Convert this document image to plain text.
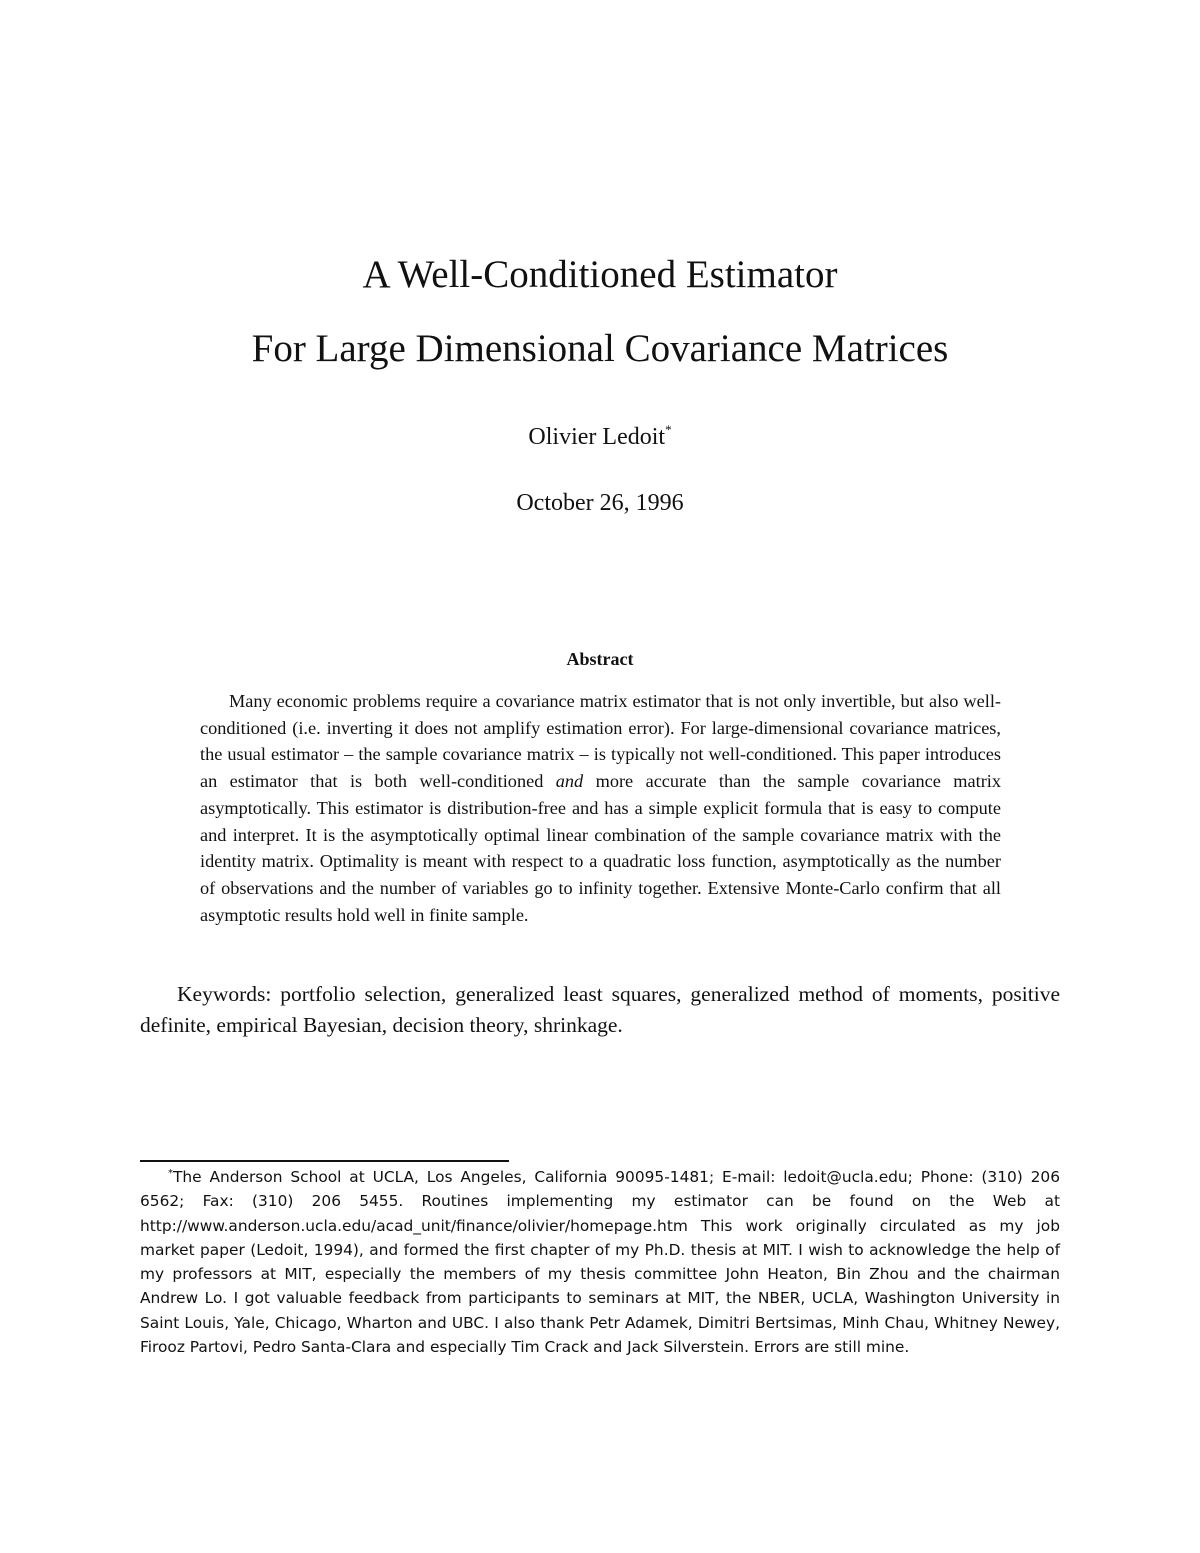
A Well-Conditioned Estimator
For Large Dimensional Covariance Matrices
Olivier Ledoit*
October 26, 1996
Abstract

Many economic problems require a covariance matrix estimator that is not only invertible, but also well-conditioned (i.e. inverting it does not amplify estimation error). For large-dimensional covariance matrices, the usual estimator – the sample covariance matrix – is typically not well-conditioned. This paper introduces an estimator that is both well-conditioned and more accurate than the sample covariance matrix asymptotically. This estimator is distribution-free and has a simple explicit formula that is easy to compute and interpret. It is the asymptotically optimal linear combination of the sample covariance matrix with the identity matrix. Optimality is meant with respect to a quadratic loss function, asymptotically as the number of observations and the number of variables go to infinity together. Extensive Monte-Carlo confirm that all asymptotic results hold well in finite sample.

Keywords: portfolio selection, generalized least squares, generalized method of moments, positive definite, empirical Bayesian, decision theory, shrinkage.

*The Anderson School at UCLA, Los Angeles, California 90095-1481; E-mail: ledoit@ucla.edu; Phone: (310) 206 6562; Fax: (310) 206 5455. Routines implementing my estimator can be found on the Web at http://www.anderson.ucla.edu/acad_unit/finance/olivier/homepage.htm This work originally circulated as my job market paper (Ledoit, 1994), and formed the first chapter of my Ph.D. thesis at MIT. I wish to acknowledge the help of my professors at MIT, especially the members of my thesis committee John Heaton, Bin Zhou and the chairman Andrew Lo. I got valuable feedback from participants to seminars at MIT, the NBER, UCLA, Washington University in Saint Louis, Yale, Chicago, Wharton and UBC. I also thank Petr Adamek, Dimitri Bertsimas, Minh Chau, Whitney Newey, Firooz Partovi, Pedro Santa-Clara and especially Tim Crack and Jack Silverstein. Errors are still mine.
